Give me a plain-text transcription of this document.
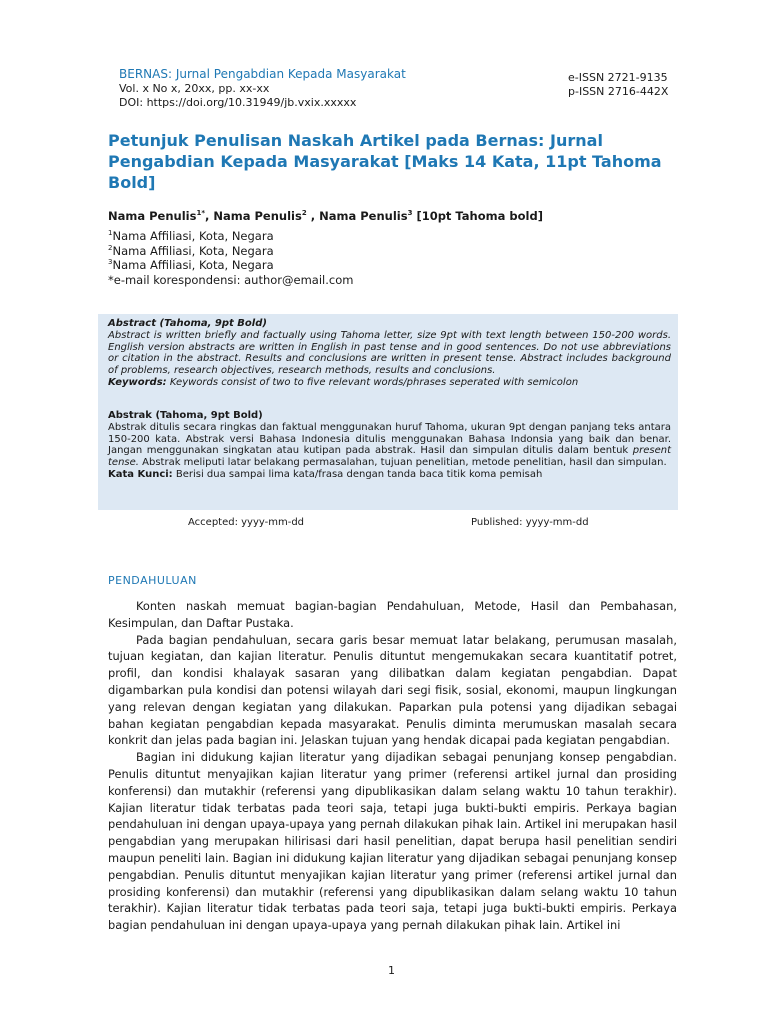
BERNAS: Jurnal Pengabdian Kepada Masyarakat
Vol. x No x, 20xx, pp. xx-xx
DOI: https://doi.org/10.31949/jb.vxix.xxxxx
e-ISSN 2721-9135
p-ISSN 2716-442X
Petunjuk Penulisan Naskah Artikel pada Bernas: Jurnal Pengabdian Kepada Masyarakat [Maks 14 Kata, 11pt Tahoma Bold]
Nama Penulis$^{1*}$, Nama Penulis$^2$ , Nama Penulis$^3$ [10pt Tahoma bold]
$^1$Nama Affiliasi, Kota, Negara
$^2$Nama Affiliasi, Kota, Negara
$^3$Nama Affiliasi, Kota, Negara
*e-mail korespondensi: author@email.com
Abstract (Tahoma, 9pt Bold)
Abstract is written briefly and factually using Tahoma letter, size 9pt with text length between 150-200 words. English version abstracts are written in English in past tense and in good sentences. Do not use abbreviations or citation in the abstract. Results and conclusions are written in present tense. Abstract includes background of problems, research objectives, research methods, results and conclusions.
Keywords: Keywords consist of two to five relevant words/phrases seperated with semicolon
Abstrak (Tahoma, 9pt Bold)
Abstrak ditulis secara ringkas dan faktual menggunakan huruf Tahoma, ukuran 9pt dengan panjang teks antara 150-200 kata. Abstrak versi Bahasa Indonesia ditulis menggunakan Bahasa Indonsia yang baik dan benar. Jangan menggunakan singkatan atau kutipan pada abstrak. Hasil dan simpulan ditulis dalam bentuk present tense. Abstrak meliputi latar belakang permasalahan, tujuan penelitian, metode penelitian, hasil dan simpulan.
Kata Kunci: Berisi dua sampai lima kata/frasa dengan tanda baca titik koma pemisah
Accepted: yyyy-mm-dd	Published: yyyy-mm-dd
PENDAHULUAN

Konten naskah memuat bagian-bagian Pendahuluan, Metode, Hasil dan Pembahasan, Kesimpulan, dan Daftar Pustaka.

Pada bagian pendahuluan, secara garis besar memuat latar belakang, perumusan masalah, tujuan kegiatan, dan kajian literatur. Penulis dituntut mengemukakan secara kuantitatif potret, profil, dan kondisi khalayak sasaran yang dilibatkan dalam kegiatan pengabdian. Dapat digambarkan pula kondisi dan potensi wilayah dari segi fisik, sosial, ekonomi, maupun lingkungan yang relevan dengan kegiatan yang dilakukan. Paparkan pula potensi yang dijadikan sebagai bahan kegiatan pengabdian kepada masyarakat. Penulis diminta merumuskan masalah secara konkrit dan jelas pada bagian ini. Jelaskan tujuan yang hendak dicapai pada kegiatan pengabdian.

Bagian ini didukung kajian literatur yang dijadikan sebagai penunjang konsep pengabdian. Penulis dituntut menyajikan kajian literatur yang primer (referensi artikel jurnal dan prosiding konferensi) dan mutakhir (referensi yang dipublikasikan dalam selang waktu 10 tahun terakhir). Kajian literatur tidak terbatas pada teori saja, tetapi juga bukti-bukti empiris. Perkaya bagian pendahuluan ini dengan upaya-upaya yang pernah dilakukan pihak lain. Artikel ini merupakan hasil pengabdian yang merupakan hilirisasi dari hasil penelitian, dapat berupa hasil penelitian sendiri maupun peneliti lain. Bagian ini didukung kajian literatur yang dijadikan sebagai penunjang konsep pengabdian. Penulis dituntut menyajikan kajian literatur yang primer (referensi artikel jurnal dan prosiding konferensi) dan mutakhir (referensi yang dipublikasikan dalam selang waktu 10 tahun terakhir). Kajian literatur tidak terbatas pada teori saja, tetapi juga bukti-bukti empiris. Perkaya bagian pendahuluan ini dengan upaya-upaya yang pernah dilakukan pihak lain. Artikel ini

1
